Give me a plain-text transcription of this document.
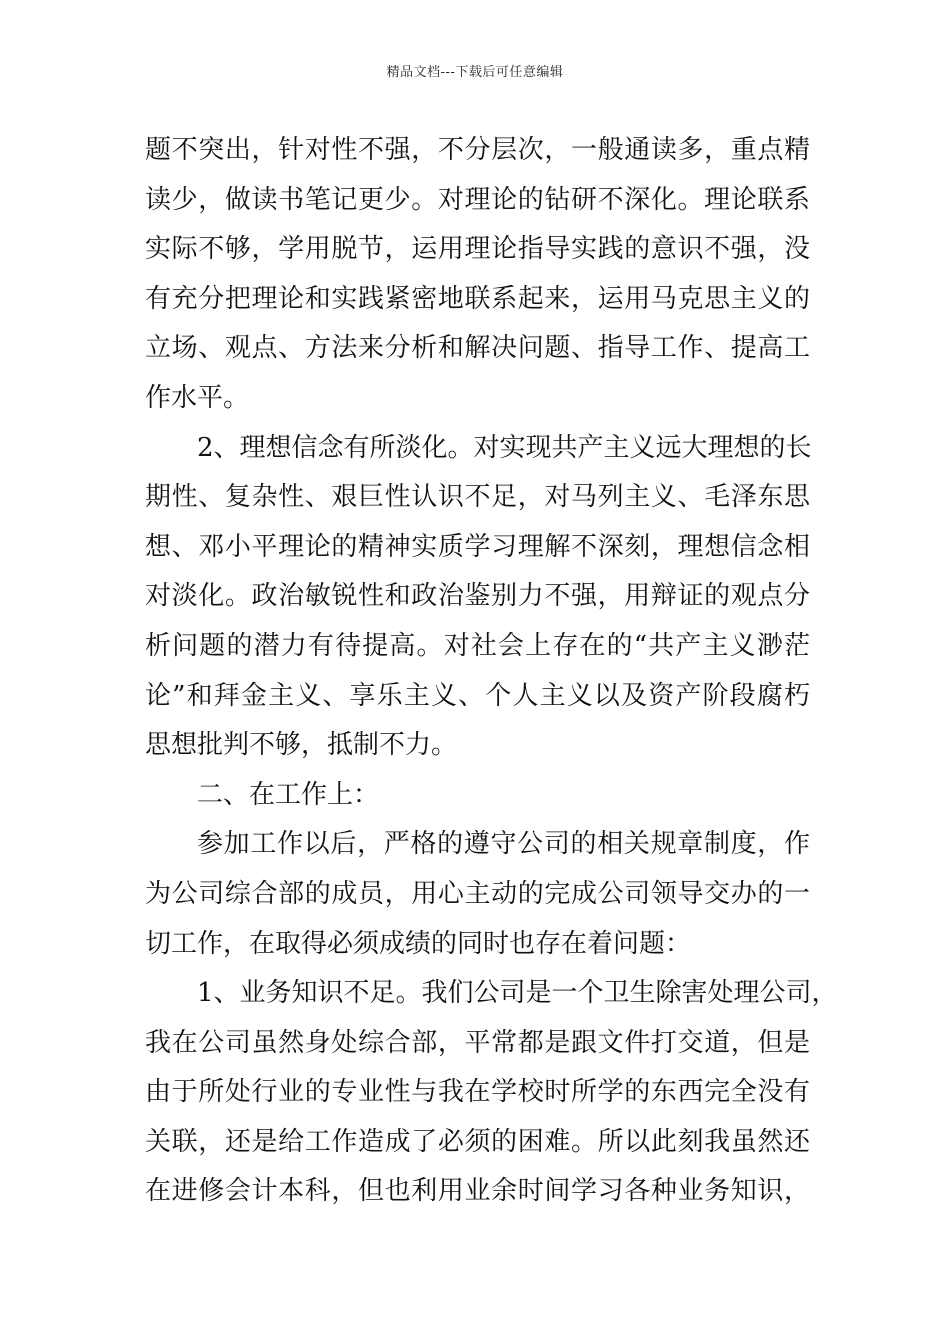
精品文档---下载后可任意编辑
题不突出，针对性不强，不分层次，一般通读多，重点精
读少，做读书笔记更少。对理论的钻研不深化。理论联系
实际不够，学用脱节，运用理论指导实践的意识不强，没
有充分把理论和实践紧密地联系起来，运用马克思主义的
立场、观点、方法来分析和解决问题、指导工作、提高工
作水平。
2、理想信念有所淡化。对实现共产主义远大理想的长
期性、复杂性、艰巨性认识不足，对马列主义、毛泽东思
想、邓小平理论的精神实质学习理解不深刻，理想信念相
对淡化。政治敏锐性和政治鉴别力不强，用辩证的观点分
析问题的潜力有待提高。对社会上存在的“共产主义渺茫
论”和拜金主义、享乐主义、个人主义以及资产阶段腐朽
思想批判不够，抵制不力。
二、在工作上：
参加工作以后，严格的遵守公司的相关规章制度，作
为公司综合部的成员，用心主动的完成公司领导交办的一
切工作，在取得必须成绩的同时也存在着问题：
1、业务知识不足。我们公司是一个卫生除害处理公司，
我在公司虽然身处综合部，平常都是跟文件打交道，但是
由于所处行业的专业性与我在学校时所学的东西完全没有
关联，还是给工作造成了必须的困难。所以此刻我虽然还
在进修会计本科，但也利用业余时间学习各种业务知识，
